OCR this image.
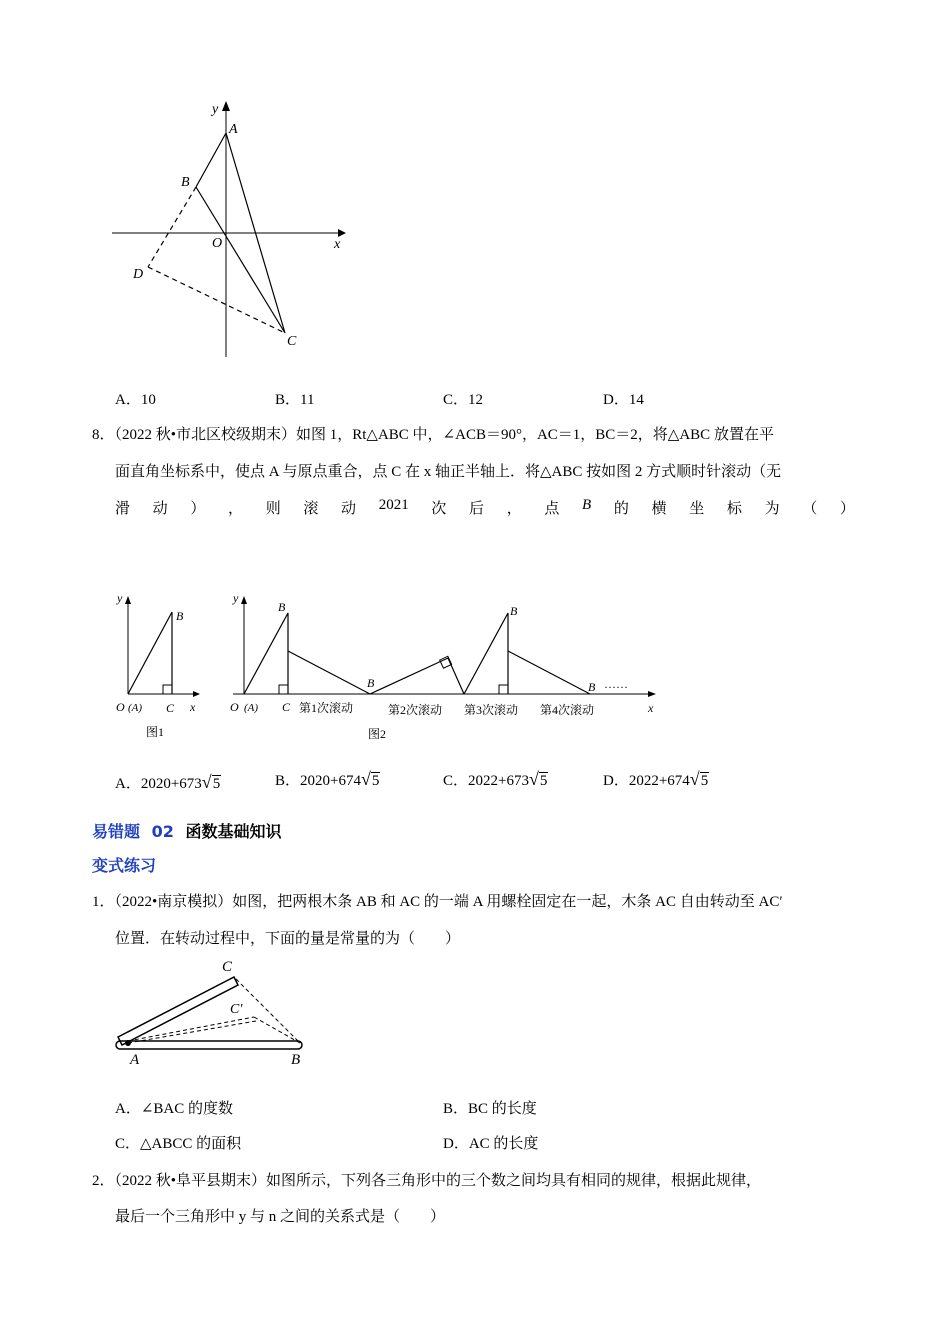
y
x
A
B
O
D
C
A．10	B．11	C．12	D．14
8．（2022 秋•市北区校级期末）如图 1，Rt△ABC 中，∠ACB＝90°，AC＝1，BC＝2，将△ABC 放置在平
面直角坐标系中，使点 A 与原点重合，点 C 在 x 轴正半轴上．将△ABC 按如图 2 方式顺时针滚动（无
滑 动 ） ， 则 滚 动 2021 次 后 ， 点 B 的 横 坐 标 为 （ ）
y
B
O (A) C x
图1
y
B
B
B
B ……
O (A) C 第1次滚动	第2次滚动 第3次滚动 第4次滚动	x
图2
A．2020+673√5	B．2020+674√5	C．2022+673√5	D．2022+674√5
易错题 02 函数基础知识
变式练习
1．（2022•南京模拟）如图，把两根木条 AB 和 AC 的一端 A 用螺栓固定在一起，木条 AC 自由转动至 AC′
位置．在转动过程中，下面的量是常量的为（　　）
C
C′
A	B
A．∠BAC 的度数	B．BC 的长度
C．△ABCC 的面积	D．AC 的长度
2．（2022 秋•阜平县期末）如图所示，下列各三角形中的三个数之间均具有相同的规律，根据此规律，
最后一个三角形中 y 与 n 之间的关系式是（　　）
